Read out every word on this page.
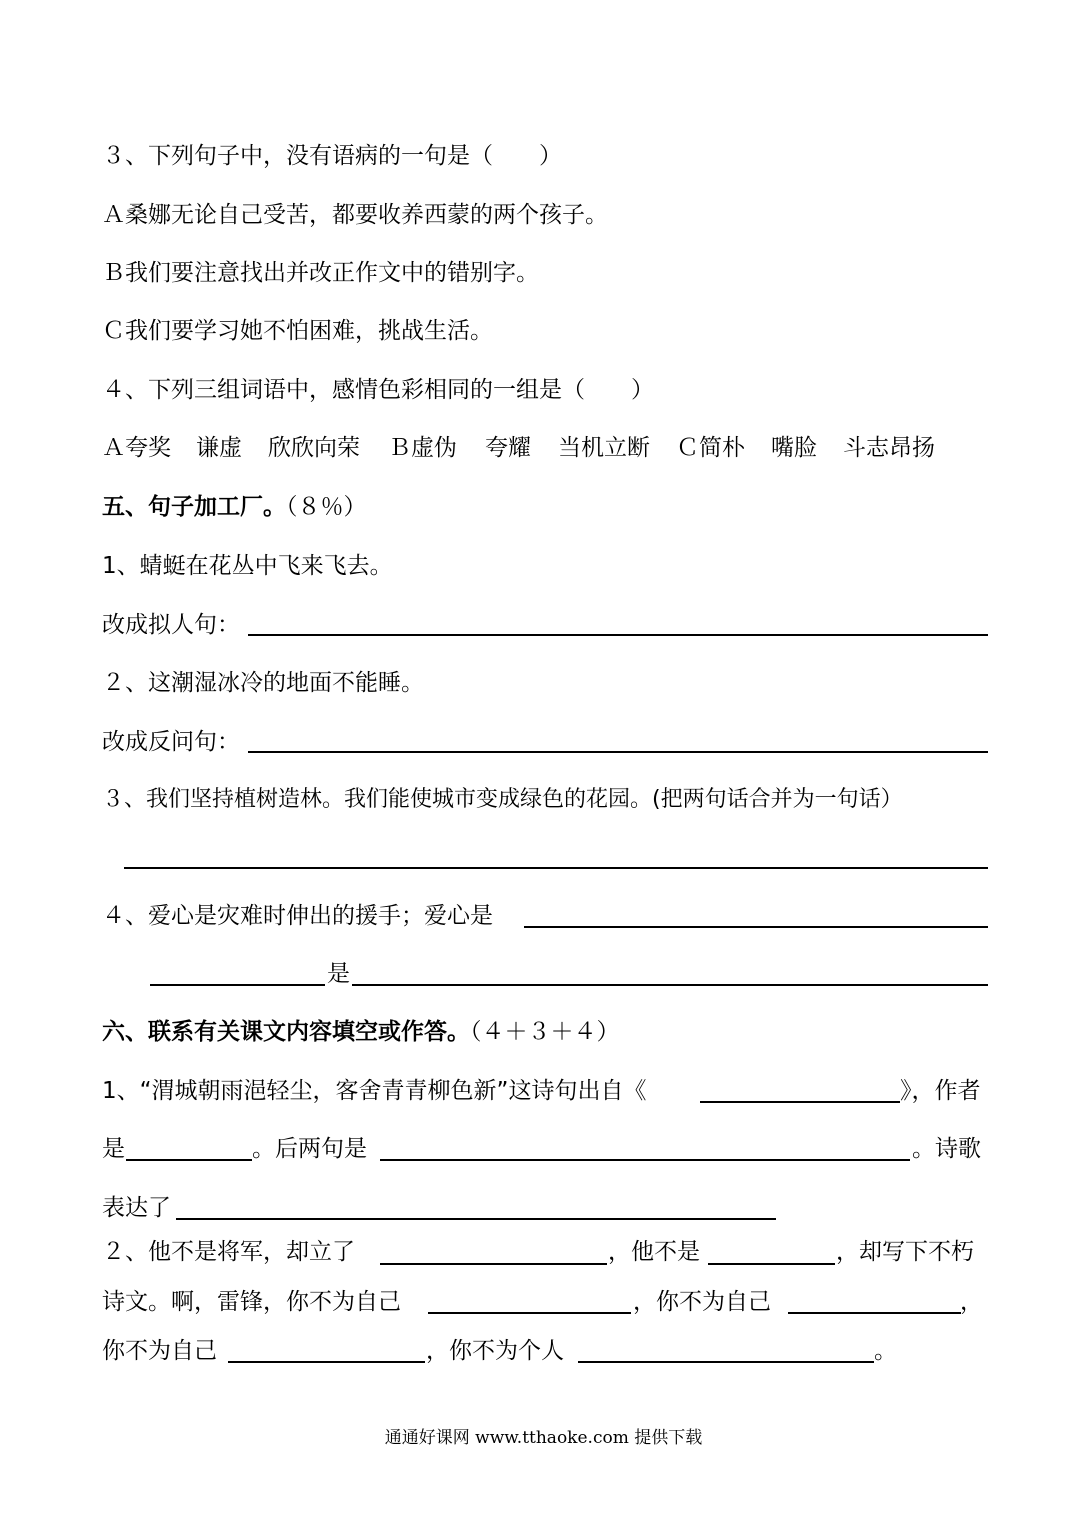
３、下列句子中，没有语病的一句是（　　）
Ａ桑娜无论自己受苦，都要收养西蒙的两个孩子。
Ｂ我们要注意找出并改正作文中的错别字。
Ｃ我们要学习她不怕困难，挑战生活。
４、下列三组词语中，感情色彩相同的一组是（　　）
Ａ夸奖 谦虚 欣欣向荣 Ｂ虚伪 夸耀 当机立断 Ｃ简朴 嘴脸 斗志昂扬
五、句子加工厂。（８％）
1、蜻蜓在花丛中飞来飞去。
改成拟人句：
２、这潮湿冰冷的地面不能睡。
改成反问句：
３、我们坚持植树造林。我们能使城市变成绿色的花园。(把两句话合并为一句话）
４、爱心是灾难时伸出的援手；爱心是
是
六、联系有关课文内容填空或作答。（４＋３＋４）
1、“渭城朝雨浥轻尘，客舍青青柳色新”这诗句出自《	》，作者
是	。后两句是	。诗歌
表达了
２、他不是将军，却立了	，他不是	，却写下不朽
诗文。啊，雷锋，你不为自己	，你不为自己	，
你不为自己	，你不为个人	。
通通好课网 www.tthaoke.com 提供下载
